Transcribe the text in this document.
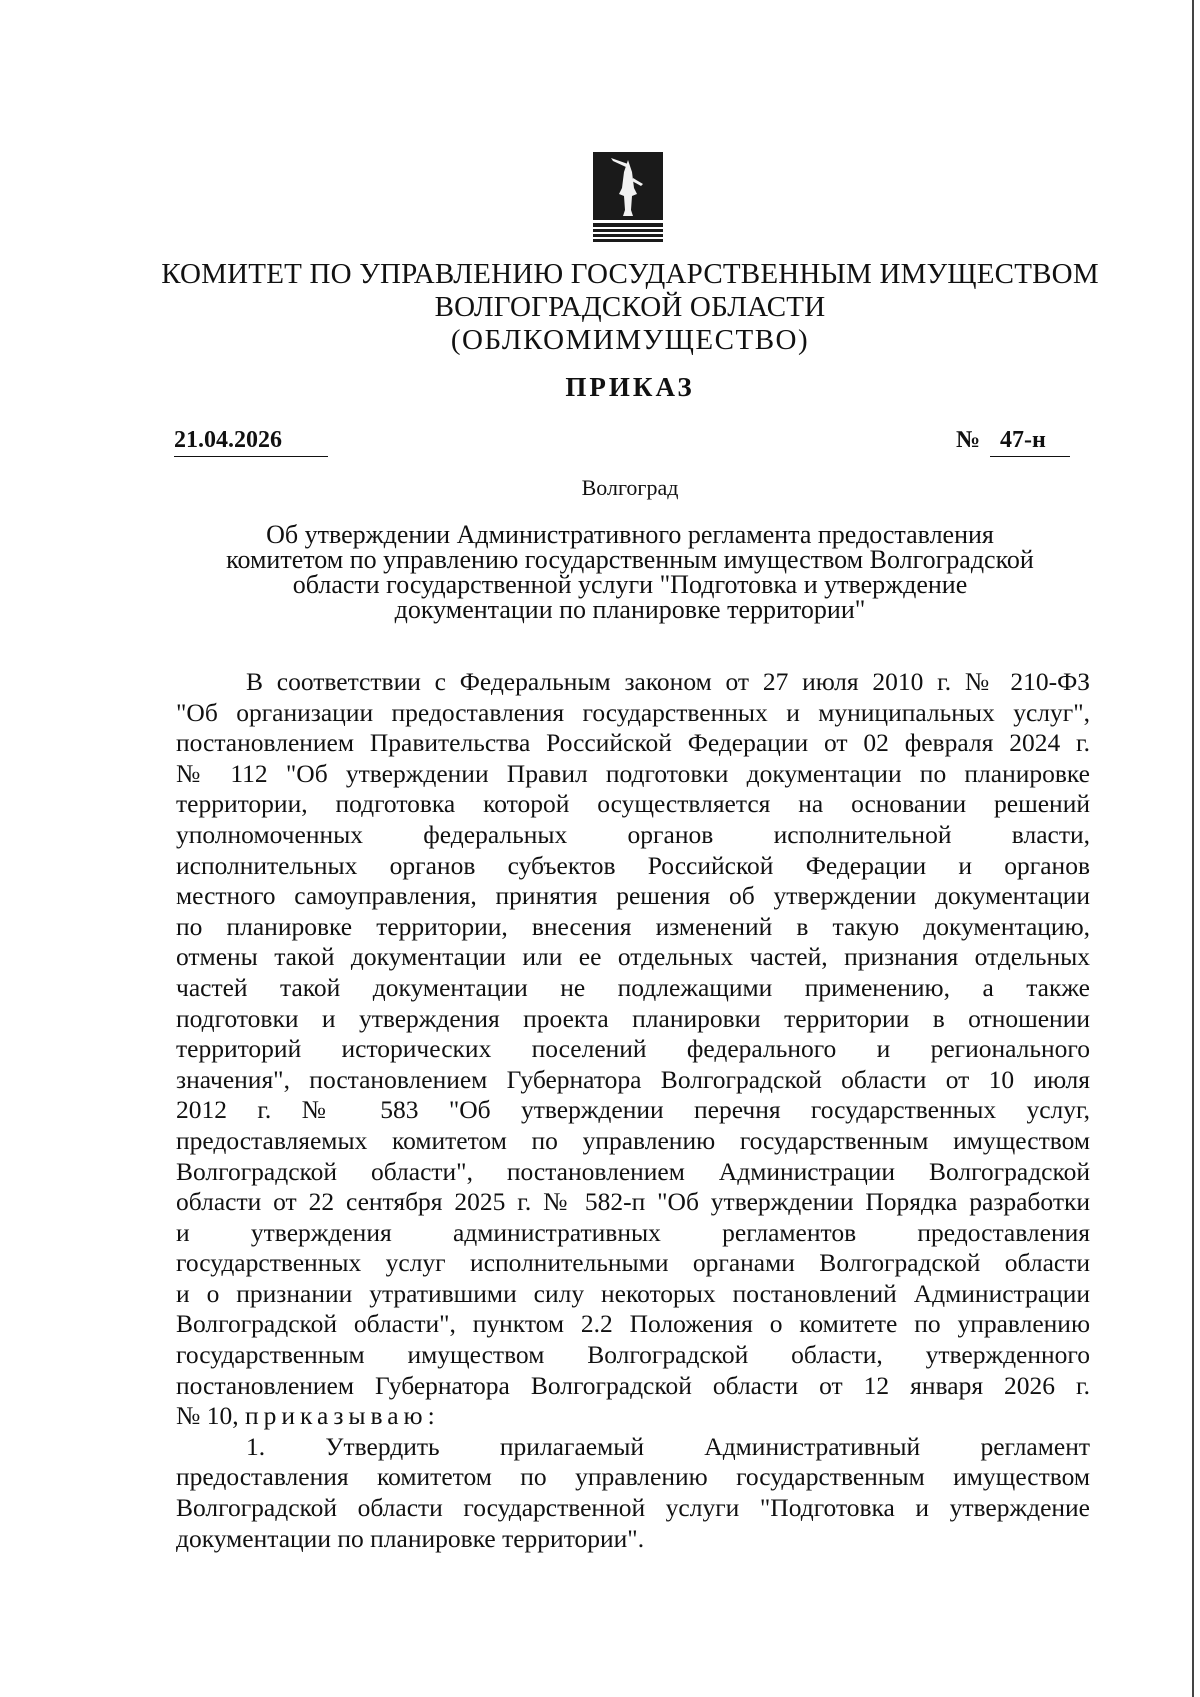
КОМИТЕТ ПО УПРАВЛЕНИЮ ГОСУДАРСТВЕННЫМ ИМУЩЕСТВОМ
ВОЛГОГРАДСКОЙ ОБЛАСТИ
(ОБЛКОМИМУЩЕСТВО)
ПРИКАЗ
21.04.2026	№ 47-н
Волгоград
Об утверждении Административного регламента предоставления
комитетом по управлению государственным имуществом Волгоградской
области государственной услуги "Подготовка и утверждение
документации по планировке территории"
В соответствии с Федеральным законом от 27 июля 2010 г. № 210-ФЗ
"Об организации предоставления государственных и муниципальных услуг",
постановлением Правительства Российской Федерации от 02 февраля 2024 г.
№ 112 "Об утверждении Правил подготовки документации по планировке
территории, подготовка которой осуществляется на основании решений
уполномоченных федеральных органов исполнительной власти,
исполнительных органов субъектов Российской Федерации и органов
местного самоуправления, принятия решения об утверждении документации
по планировке территории, внесения изменений в такую документацию,
отмены такой документации или ее отдельных частей, признания отдельных
частей такой документации не подлежащими применению, а также
подготовки и утверждения проекта планировки территории в отношении
территорий исторических поселений федерального и регионального
значения", постановлением Губернатора Волгоградской области от 10 июля
2012 г. № 583 "Об утверждении перечня государственных услуг,
предоставляемых комитетом по управлению государственным имуществом
Волгоградской области", постановлением Администрации Волгоградской
области от 22 сентября 2025 г. № 582-п "Об утверждении Порядка разработки
и утверждения административных регламентов предоставления
государственных услуг исполнительными органами Волгоградской области
и о признании утратившими силу некоторых постановлений Администрации
Волгоградской области", пунктом 2.2 Положения о комитете по управлению
государственным имуществом Волгоградской области, утвержденного
постановлением Губернатора Волгоградской области от 12 января 2026 г.
№ 10, приказываю:
1. Утвердить прилагаемый Административный регламент
предоставления комитетом по управлению государственным имуществом
Волгоградской области государственной услуги "Подготовка и утверждение
документации по планировке территории".
